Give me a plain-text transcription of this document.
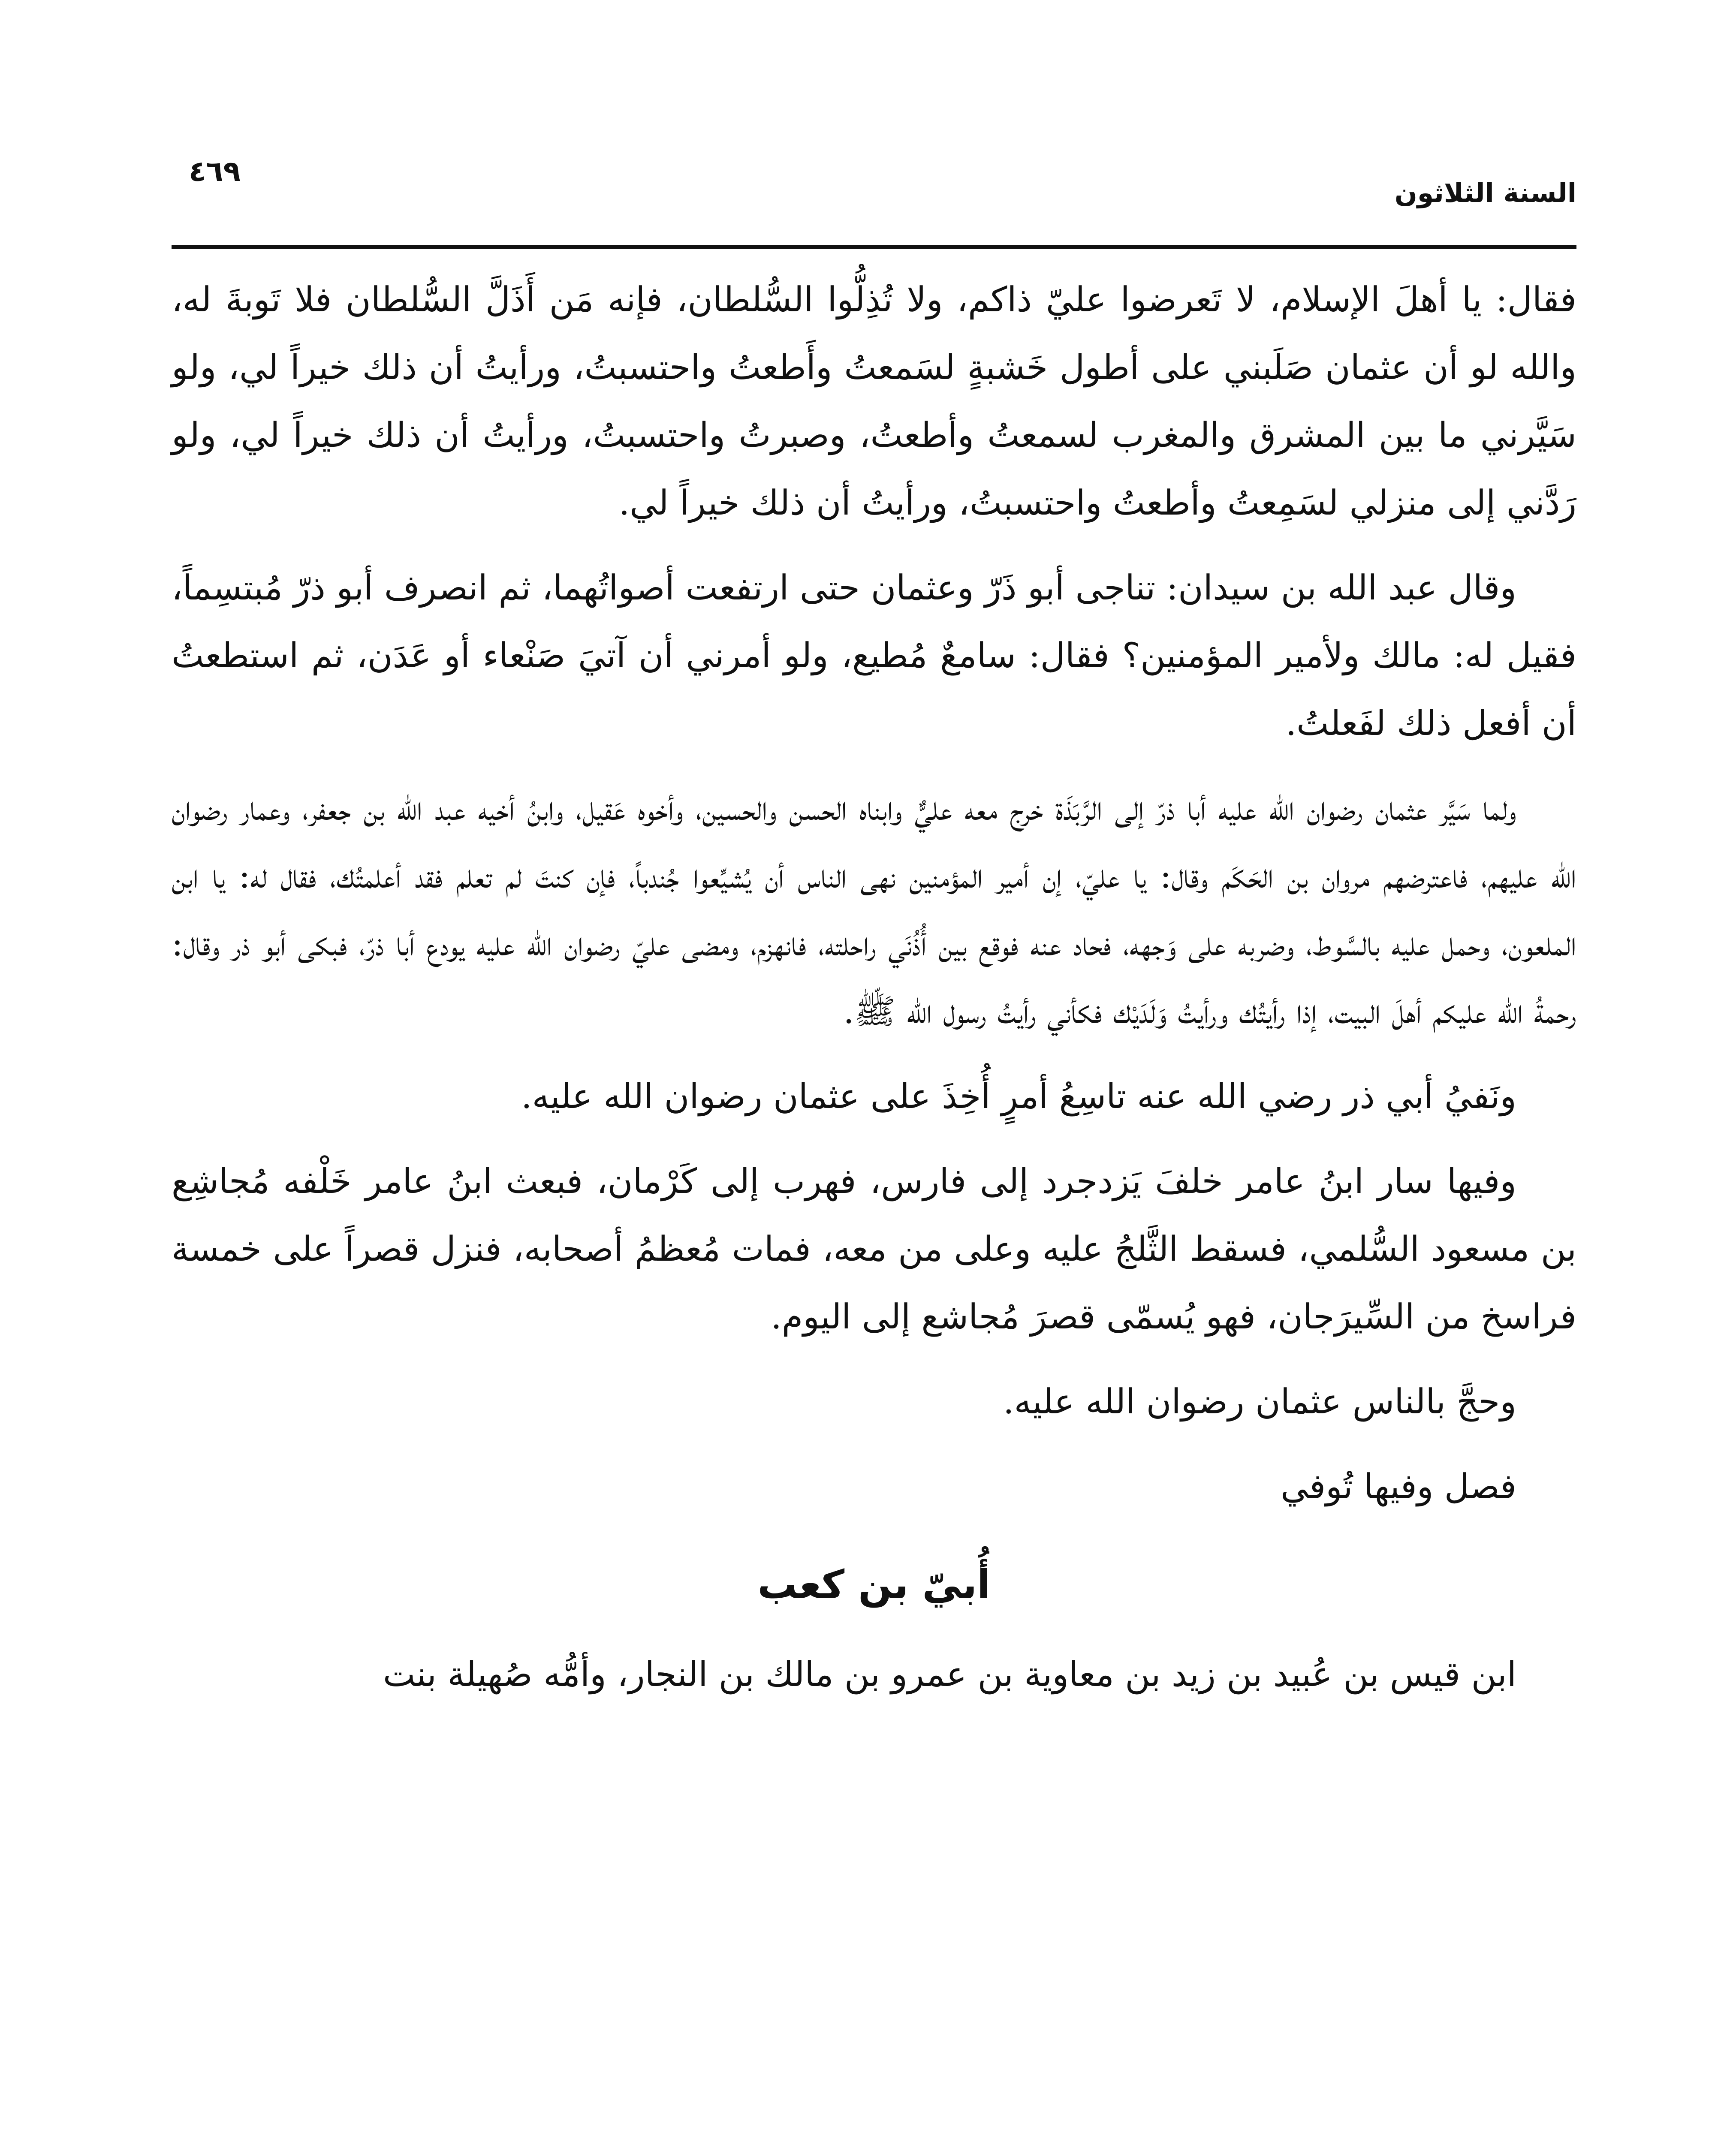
السنة الثلاثون
٤٦٩

فقال: يا أهلَ الإسلام، لا تَعرضوا عليّ ذاكم، ولا تُذِلُّوا السُّلطان، فإنه مَن أَذَلَّ السُّلطان فلا تَوبةَ له، والله لو أن عثمان صَلَبني على أطول خَشبةٍ لسَمعتُ وأَطعتُ واحتسبتُ، ورأيتُ أن ذلك خيراً لي، ولو سَيَّرني ما بين المشرق والمغرب لسمعتُ وأطعتُ، وصبرتُ واحتسبتُ، ورأيتُ أن ذلك خيراً لي، ولو رَدَّني إلى منزلي لسَمِعتُ وأطعتُ واحتسبتُ، ورأيتُ أن ذلك خيراً لي.

وقال عبد الله بن سيدان: تناجى أبو ذَرّ وعثمان حتى ارتفعت أصواتُهما، ثم انصرف أبو ذرّ مُبتسِماً، فقيل له: مالك ولأمير المؤمنين؟ فقال: سامعٌ مُطيع، ولو أمرني أن آتيَ صَنْعاء أو عَدَن، ثم استطعتُ أن أفعل ذلك لفَعلتُ.

ولما سَيَّر عثمان رضوان الله عليه أبا ذرّ إلى الرَّبَذَة خرج معه عليٌّ وابناه الحسن والحسين، وأخوه عَقيل، وابنُ أخيه عبد الله بن جعفر، وعمار رضوان الله عليهم، فاعترضهم مروان بن الحَكَم وقال: يا عليّ، إن أمير المؤمنين نهى الناس أن يُشيِّعوا جُندباً، فإن كنتَ لم تعلم فقد أعلمتُك، فقال له: يا ابن الملعون، وحمل عليه بالسَّوط، وضربه على وَجهه، فحاد عنه فوقع بين أُذُنَي راحلته، فانهزم، ومضى عليّ رضوان الله عليه يودع أبا ذرّ، فبكى أبو ذر وقال: رحمةُ الله عليكم أهلَ البيت، إذا رأيتُك ورأيتُ وَلَدَيْك فكأني رأيتُ رسول الله ﷺ.

ونَفيُ أبي ذر رضي الله عنه تاسِعُ أمرٍ أُخِذَ على عثمان رضوان الله عليه.

وفيها سار ابنُ عامر خلفَ يَزدجرد إلى فارس، فهرب إلى كَرْمان، فبعث ابنُ عامر خَلْفه مُجاشِع بن مسعود السُّلمي، فسقط الثَّلجُ عليه وعلى من معه، فمات مُعظمُ أصحابه، فنزل قصراً على خمسة فراسخ من السِّيرَجان، فهو يُسمّى قصرَ مُجاشع إلى اليوم.

وحجَّ بالناس عثمان رضوان الله عليه.

فصل وفيها تُوفي

أُبيّ بن كعب

ابن قيس بن عُبيد بن زيد بن معاوية بن عمرو بن مالك بن النجار، وأمُّه صُهيلة بنت
